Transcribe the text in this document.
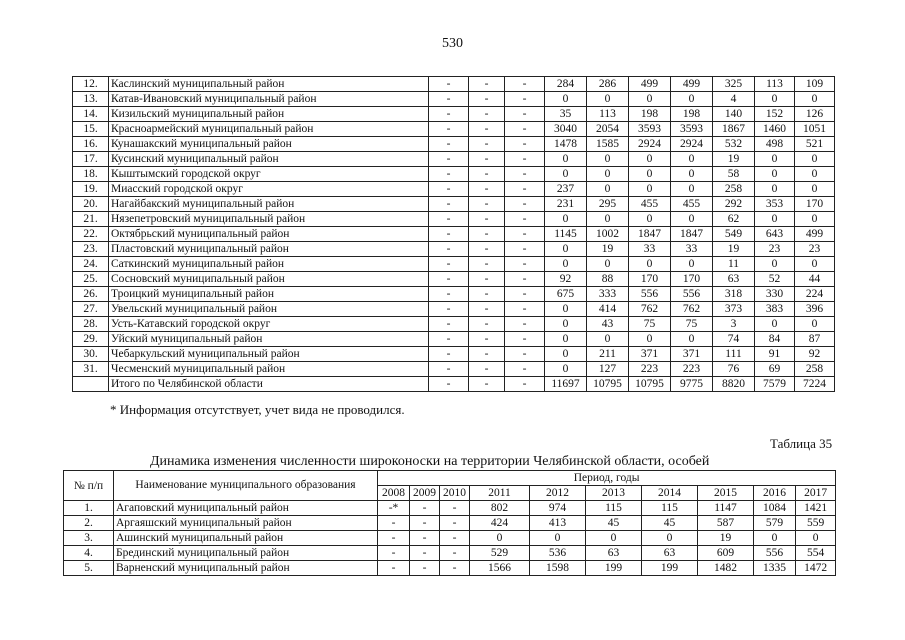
530
12.	Каслинский муниципальный район	-	-	-	284	286	499	499	325	113	109
13.	Катав-Ивановский муниципальный район	-	-	-	0	0	0	0	4	0	0
14.	Кизильский муниципальный район	-	-	-	35	113	198	198	140	152	126
15.	Красноармейский муниципальный район	-	-	-	3040	2054	3593	3593	1867	1460	1051
16.	Кунашакский муниципальный район	-	-	-	1478	1585	2924	2924	532	498	521
17.	Кусинский муниципальный район	-	-	-	0	0	0	0	19	0	0
18.	Кыштымский городской округ	-	-	-	0	0	0	0	58	0	0
19.	Миасский городской округ	-	-	-	237	0	0	0	258	0	0
20.	Нагайбакский муниципальный район	-	-	-	231	295	455	455	292	353	170
21.	Нязепетровский муниципальный район	-	-	-	0	0	0	0	62	0	0
22.	Октябрьский муниципальный район	-	-	-	1145	1002	1847	1847	549	643	499
23.	Пластовский муниципальный район	-	-	-	0	19	33	33	19	23	23
24.	Саткинский муниципальный район	-	-	-	0	0	0	0	11	0	0
25.	Сосновский муниципальный район	-	-	-	92	88	170	170	63	52	44
26.	Троицкий муниципальный район	-	-	-	675	333	556	556	318	330	224
27.	Увельский муниципальный район	-	-	-	0	414	762	762	373	383	396
28.	Усть-Катавский городской округ	-	-	-	0	43	75	75	3	0	0
29.	Уйский муниципальный район	-	-	-	0	0	0	0	74	84	87
30.	Чебаркульский муниципальный район	-	-	-	0	211	371	371	111	91	92
31.	Чесменский муниципальный район	-	-	-	0	127	223	223	76	69	258
	Итого по Челябинской области	-	-	-	11697	10795	10795	9775	8820	7579	7224
* Информация отсутствует, учет вида не проводился.
Таблица 35
Динамика изменения численности широконоски на территории Челябинской области, особей
№ п/п	Наименование муниципального образования	Период, годы									
		2008	2009	2010	2011	2012	2013	2014	2015	2016	2017
1.	Агаповский муниципальный район	-*	-	-	802	974	115	115	1147	1084	1421
2.	Аргаяшский муниципальный район	-	-	-	424	413	45	45	587	579	559
3.	Ашинский муниципальный район	-	-	-	0	0	0	0	19	0	0
4.	Брединский муниципальный район	-	-	-	529	536	63	63	609	556	554
5.	Варненский муниципальный район	-	-	-	1566	1598	199	199	1482	1335	1472
